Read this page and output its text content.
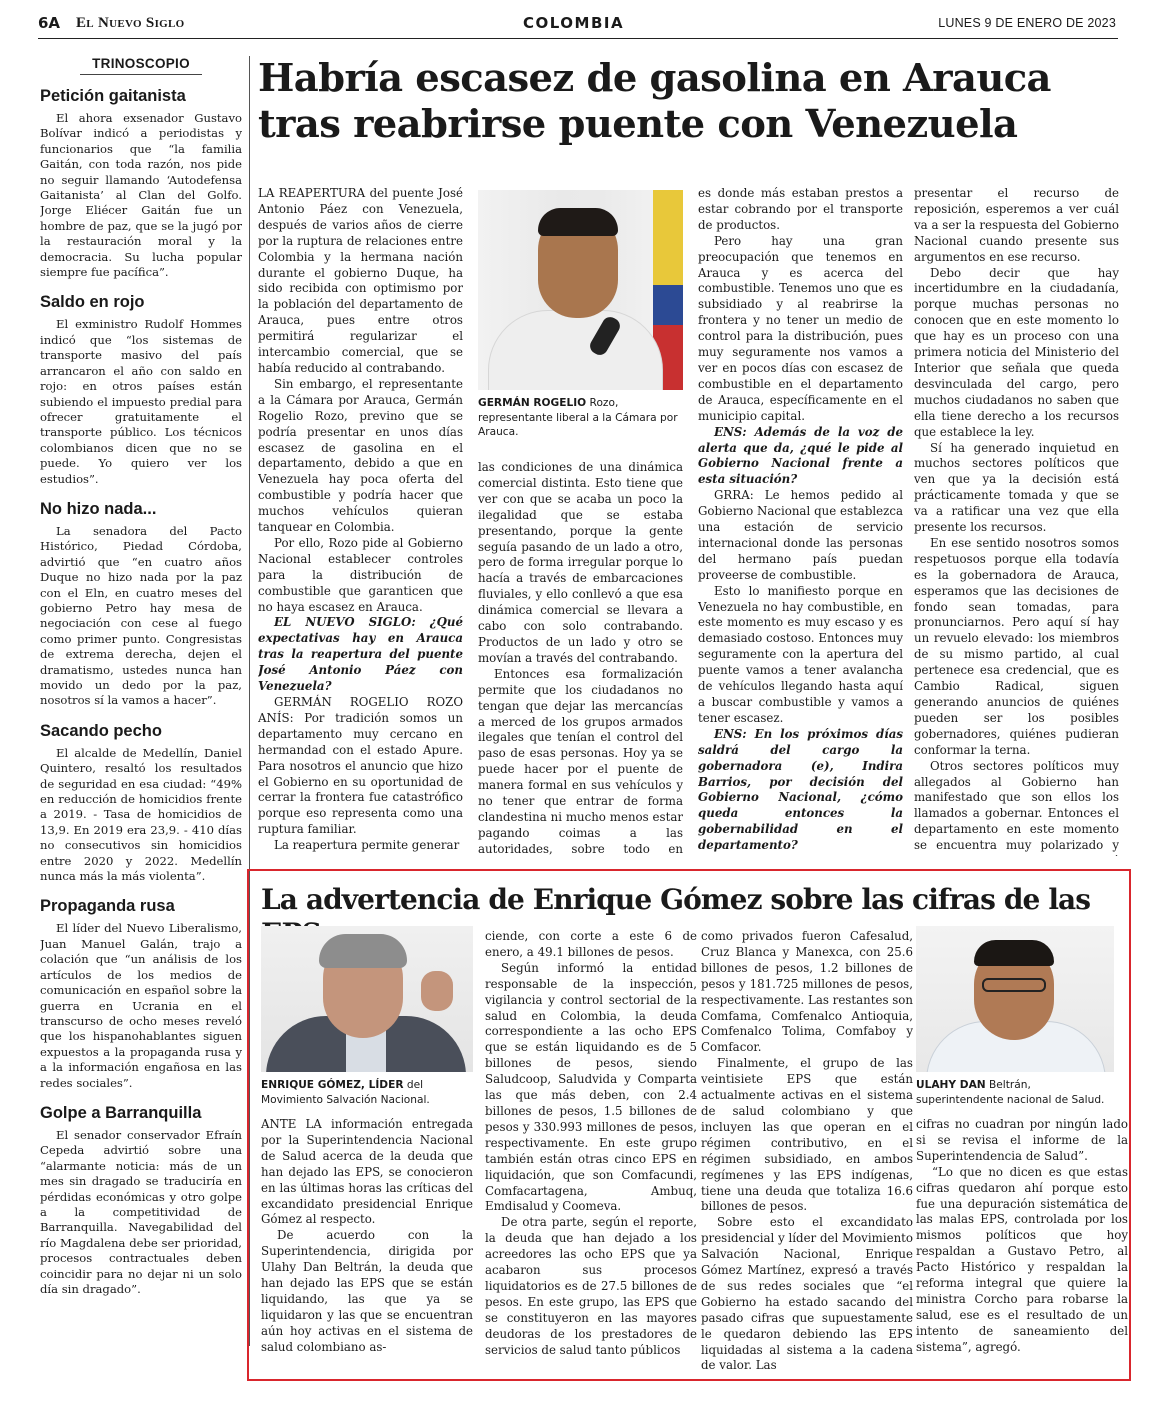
6A El Nuevo Siglo	COLOMBIA	LUNES 9 DE ENERO DE 2023
TRINOSCOPIO
Petición gaitanista
El ahora exsenador Gustavo Bolívar indicó a periodistas y funcionarios que “la familia Gaitán, con toda razón, nos pide no seguir llamando ‘Autodefensa Gaitanista’ al Clan del Golfo. Jorge Eliécer Gaitán fue un hombre de paz, que se la jugó por la restauración moral y la democracia. Su lucha popular siempre fue pacífica”.
Saldo en rojo
El exministro Rudolf Hommes indicó que “los sistemas de transporte masivo del país arrancaron el año con saldo en rojo: en otros países están subiendo el impuesto predial para ofrecer gratuitamente el transporte público. Los técnicos colombianos dicen que no se puede. Yo quiero ver los estudios”.
No hizo nada...
La senadora del Pacto Histórico, Piedad Córdoba, advirtió que “en cuatro años Duque no hizo nada por la paz con el Eln, en cuatro meses del gobierno Petro hay mesa de negociación con cese al fuego como primer punto. Congresistas de extrema derecha, dejen el dramatismo, ustedes nunca han movido un dedo por la paz, nosotros sí la vamos a hacer”.
Sacando pecho
El alcalde de Medellín, Daniel Quintero, resaltó los resultados de seguridad en esa ciudad: “49% en reducción de homicidios frente a 2019. - Tasa de homicidios de 13,9. En 2019 era 23,9. - 410 días no consecutivos sin homicidios entre 2020 y 2022. Medellín nunca más la más violenta”.
Propaganda rusa
El líder del Nuevo Liberalismo, Juan Manuel Galán, trajo a colación que “un análisis de los artículos de los medios de comunicación en español sobre la guerra en Ucrania en el transcurso de ocho meses reveló que los hispanohablantes siguen expuestos a la propaganda rusa y a la información engañosa en las redes sociales”.
Golpe a Barranquilla
El senador conservador Efraín Cepeda advirtió sobre una “alarmante noticia: más de un mes sin dragado se traduciría en pérdidas económicas y otro golpe a la competitividad de Barranquilla. Navegabilidad del río Magdalena debe ser prioridad, procesos contractuales deben coincidir para no dejar ni un solo día sin dragado”.
Habría escasez de gasolina en Arauca tras reabrirse puente con Venezuela

LA REAPERTURA del puente José Antonio Páez con Venezuela, después de varios años de cierre por la ruptura de relaciones entre Colombia y la hermana nación durante el gobierno Duque, ha sido recibida con optimismo por la población del departamento de Arauca, pues entre otros permitirá regularizar el intercambio comercial, que se había reducido al contrabando.

Sin embargo, el representante a la Cámara por Arauca, Germán Rogelio Rozo, previno que se podría presentar en unos días escasez de gasolina en el departamento, debido a que en Venezuela hay poca oferta del combustible y podría hacer que muchos vehículos quieran tanquear en Colombia.

Por ello, Rozo pide al Gobierno Nacional establecer controles para la distribución de combustible que garanticen que no haya escasez en Arauca.

EL NUEVO SIGLO: ¿Qué expectativas hay en Arauca tras la reapertura del puente José Antonio Páez con Venezuela?

GERMÁN ROGELIO ROZO ANÍS: Por tradición somos un departamento muy cercano en hermandad con el estado Apure. Para nosotros el anuncio que hizo el Gobierno en su oportunidad de cerrar la frontera fue catastrófico porque eso representa como una ruptura familiar.

La reapertura permite generar

GERMÁN ROGELIO Rozo, representante liberal a la Cámara por Arauca.

las condiciones de una dinámica comercial distinta. Esto tiene que ver con que se acaba un poco la ilegalidad que se estaba presentando, porque la gente seguía pasando de un lado a otro, pero de forma irregular porque lo hacía a través de embarcaciones fluviales, y ello conllevó a que esa dinámica comercial se llevara a cabo con solo contrabando. Productos de un lado y otro se movían a través del contrabando.

Entonces esa formalización permite que los ciudadanos no tengan que dejar las mercancías a merced de los grupos armados ilegales que tenían el control del paso de esas personas. Hoy ya se puede hacer por el puente de manera formal en sus vehículos y no tener que entrar de forma clandestina ni mucho menos estar pagando coimas a las autoridades, sobre todo en

es donde más estaban prestos a estar cobrando por el transporte de productos.

Pero hay una gran preocupación que tenemos en Arauca y es acerca del combustible. Tenemos uno que es subsidiado y al reabrirse la frontera y no tener un medio de control para la distribución, pues muy seguramente nos vamos a ver en pocos días con escasez de combustible en el departamento de Arauca, específicamente en el municipio capital.

ENS: Además de la voz de alerta que da, ¿qué le pide al Gobierno Nacional frente a esta situación?

GRRA: Le hemos pedido al Gobierno Nacional que establezca una estación de servicio internacional donde las personas del hermano país puedan proveerse de combustible.

Esto lo manifiesto porque en Venezuela no hay combustible, en este momento es muy escaso y es demasiado costoso. Entonces muy seguramente con la apertura del puente vamos a tener avalancha de vehículos llegando hasta aquí a buscar combustible y vamos a tener escasez.

ENS: En los próximos días saldrá del cargo la gobernadora (e), Indira Barrios, por decisión del Gobierno Nacional, ¿cómo queda entonces la gobernabilidad en el departamento?

presentar el recurso de reposición, esperemos a ver cuál va a ser la respuesta del Gobierno Nacional cuando presente sus argumentos en ese recurso.

Debo decir que hay incertidumbre en la ciudadanía, porque muchas personas no conocen que en este momento lo que hay es un proceso con una primera noticia del Ministerio del Interior que señala que queda desvinculada del cargo, pero muchos ciudadanos no saben que ella tiene derecho a los recursos que establece la ley.

Sí ha generado inquietud en muchos sectores políticos que ven que ya la decisión está prácticamente tomada y que se va a ratificar una vez que ella presente los recursos.

En ese sentido nosotros somos respetuosos porque ella todavía es la gobernadora de Arauca, esperamos que las decisiones de fondo sean tomadas, para pronunciarnos. Pero aquí sí hay un revuelo elevado: los miembros de su mismo partido, al cual pertenece esa credencial, que es Cambio Radical, siguen generando anuncios de quiénes pueden ser los posibles gobernadores, quiénes pudieran conformar la terna.

Otros sectores políticos muy allegados al Gobierno han manifestado que son ellos los llamados a gobernar. Entonces el departamento en este momento se encuentra muy polarizado y

La advertencia de Enrique Gómez sobre las cifras de las
ENRIQUE GÓMEZ, LÍDER del Movimiento Salvación Nacional.

ANTE LA información entregada por la Superintendencia Nacional de Salud acerca de la deuda que han dejado las EPS, se conocieron en las últimas horas las críticas del excandidato presidencial Enrique Gómez al respecto.

De acuerdo con la Superintendencia, dirigida por Ulahy Dan Beltrán, la deuda que han dejado las EPS que se están liquidando, las que ya se liquidaron y las que se encuentran aún hoy activas en el sistema de salud colombiano as-

ciende, con corte a este 6 de enero, a 49.1 billones de pesos.

Según informó la entidad responsable de la inspección, vigilancia y control sectorial de la salud en Colombia, la deuda correspondiente a las ocho EPS que se están liquidando es de 5 billones de pesos, siendo Saludcoop, Saludvida y Comparta las que más deben, con 2.4 billones de pesos, 1.5 billones de pesos y 330.993 millones de pesos, respectivamente. En este grupo también están otras cinco EPS en liquidación, que son Comfacundi, Comfacartagena, Ambuq, Emdisalud y Coomeva.

De otra parte, según el reporte, la deuda que han dejado a los acreedores las ocho EPS que ya acabaron sus procesos liquidatorios es de 27.5 billones de pesos. En este grupo, las EPS que se constituyeron en las mayores deudoras de los prestadores de servicios de salud tanto públicos

como privados fueron Cafesalud, Cruz Blanca y Manexca, con 25.6 billones de pesos, 1.2 billones de pesos y 181.725 millones de pesos, respectivamente. Las restantes son Comfama, Comfenalco Antioquia, Comfenalco Tolima, Comfaboy y Comfacor.

Finalmente, el grupo de las veintisiete EPS que están actualmente activas en el sistema de salud colombiano y que incluyen las que operan en el régimen contributivo, en el régimen subsidiado, en ambos regímenes y las EPS indígenas, tiene una deuda que totaliza 16.6 billones de pesos.

Sobre esto el excandidato presidencial y líder del Movimiento Salvación Nacional, Enrique Gómez Martínez, expresó a través de sus redes sociales que “el Gobierno ha estado sacando del pasado cifras que supuestamente le quedaron debiendo las EPS liquidadas al sistema a la cadena de valor. Las

ULAHY DAN Beltrán, superintendente nacional de Salud.

cifras no cuadran por ningún lado si se revisa el informe de la Superintendencia de Salud”.

“Lo que no dicen es que estas cifras quedaron ahí porque esto fue una depuración sistemática de las malas EPS, controlada por los mismos políticos que hoy respaldan a Gustavo Petro, al Pacto Histórico y respaldan la reforma integral que quiere la ministra Corcho para robarse la salud, ese es el resultado de un intento de saneamiento del sistema”, agregó.
